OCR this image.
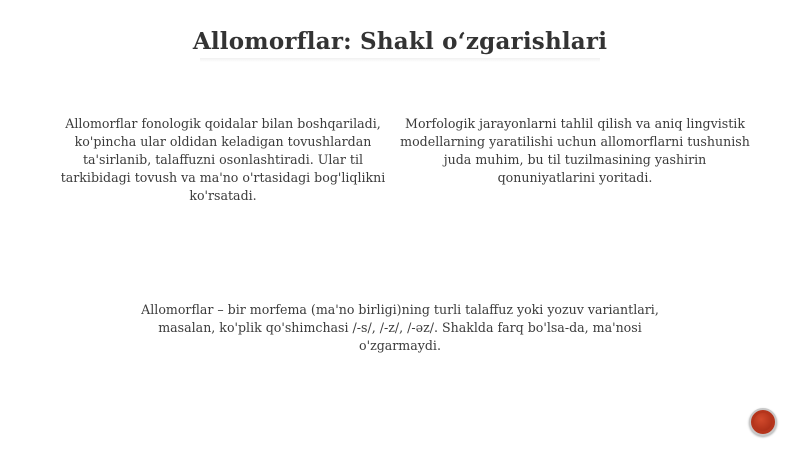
Allomorflar: Shakl o‘zgarishlari

Allomorflar fonologik qoidalar bilan boshqariladi, ko'pincha ular oldidan keladigan tovushlardan ta'sirlanib, talaffuzni osonlashtiradi. Ular til tarkibidagi tovush va ma'no o'rtasidagi bog'liqlikni ko'rsatadi.

Morfologik jarayonlarni tahlil qilish va aniq lingvistik modellarning yaratilishi uchun allomorflarni tushunish juda muhim, bu til tuzilmasining yashirin qonuniyatlarini yoritadi.

Allomorflar – bir morfema (ma'no birligi)ning turli talaffuz yoki yozuv variantlari, masalan, ko'plik qo'shimchasi /-s/, /-z/, /-əz/. Shaklda farq bo'lsa-da, ma'nosi o'zgarmaydi.
